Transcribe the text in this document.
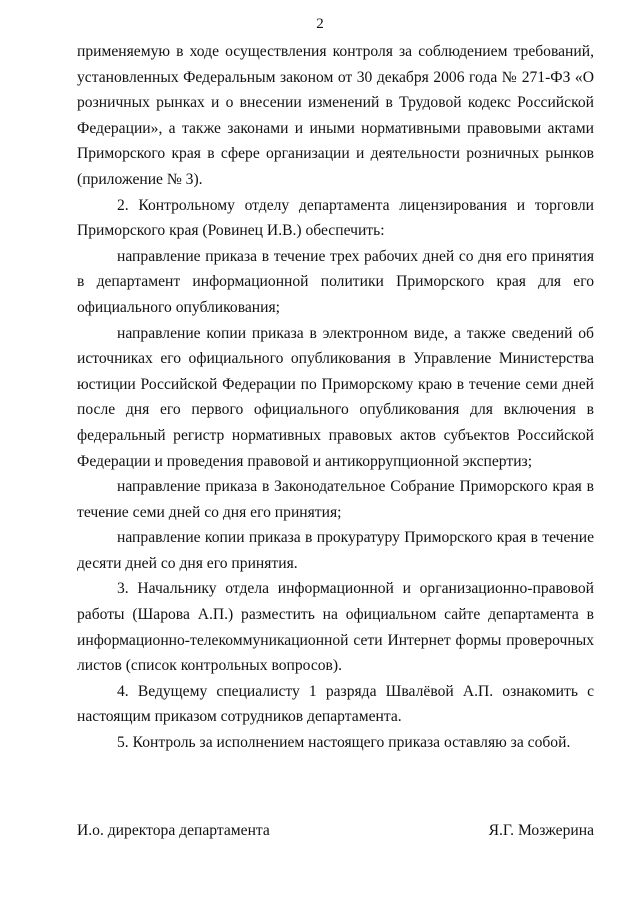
2

применяемую в ходе осуществления контроля за соблюдением требований, установленных Федеральным законом от 30 декабря 2006 года № 271-ФЗ «О розничных рынках и о внесении изменений в Трудовой кодекс Российской Федерации», а также законами и иными нормативными правовыми актами Приморского края в сфере организации и деятельности розничных рынков (приложение № 3).

2. Контрольному отделу департамента лицензирования и торговли Приморского края (Ровинец И.В.) обеспечить:

направление приказа в течение трех рабочих дней со дня его принятия в департамент информационной политики Приморского края для его официального опубликования;

направление копии приказа в электронном виде, а также сведений об источниках его официального опубликования в Управление Министерства юстиции Российской Федерации по Приморскому краю в течение семи дней после дня его первого официального опубликования для включения в федеральный регистр нормативных правовых актов субъектов Российской Федерации и проведения правовой и антикоррупционной экспертиз;

направление приказа в Законодательное Собрание Приморского края в течение семи дней со дня его принятия;

направление копии приказа в прокуратуру Приморского края в течение десяти дней со дня его принятия.

3. Начальнику отдела информационной и организационно-правовой работы (Шарова А.П.) разместить на официальном сайте департамента в информационно-телекоммуникационной сети Интернет формы проверочных листов (список контрольных вопросов).

4. Ведущему специалисту 1 разряда Швалёвой А.П. ознакомить с настоящим приказом сотрудников департамента.

5. Контроль за исполнением настоящего приказа оставляю за собой.

И.о. директора департамента	Я.Г. Мозжерина
